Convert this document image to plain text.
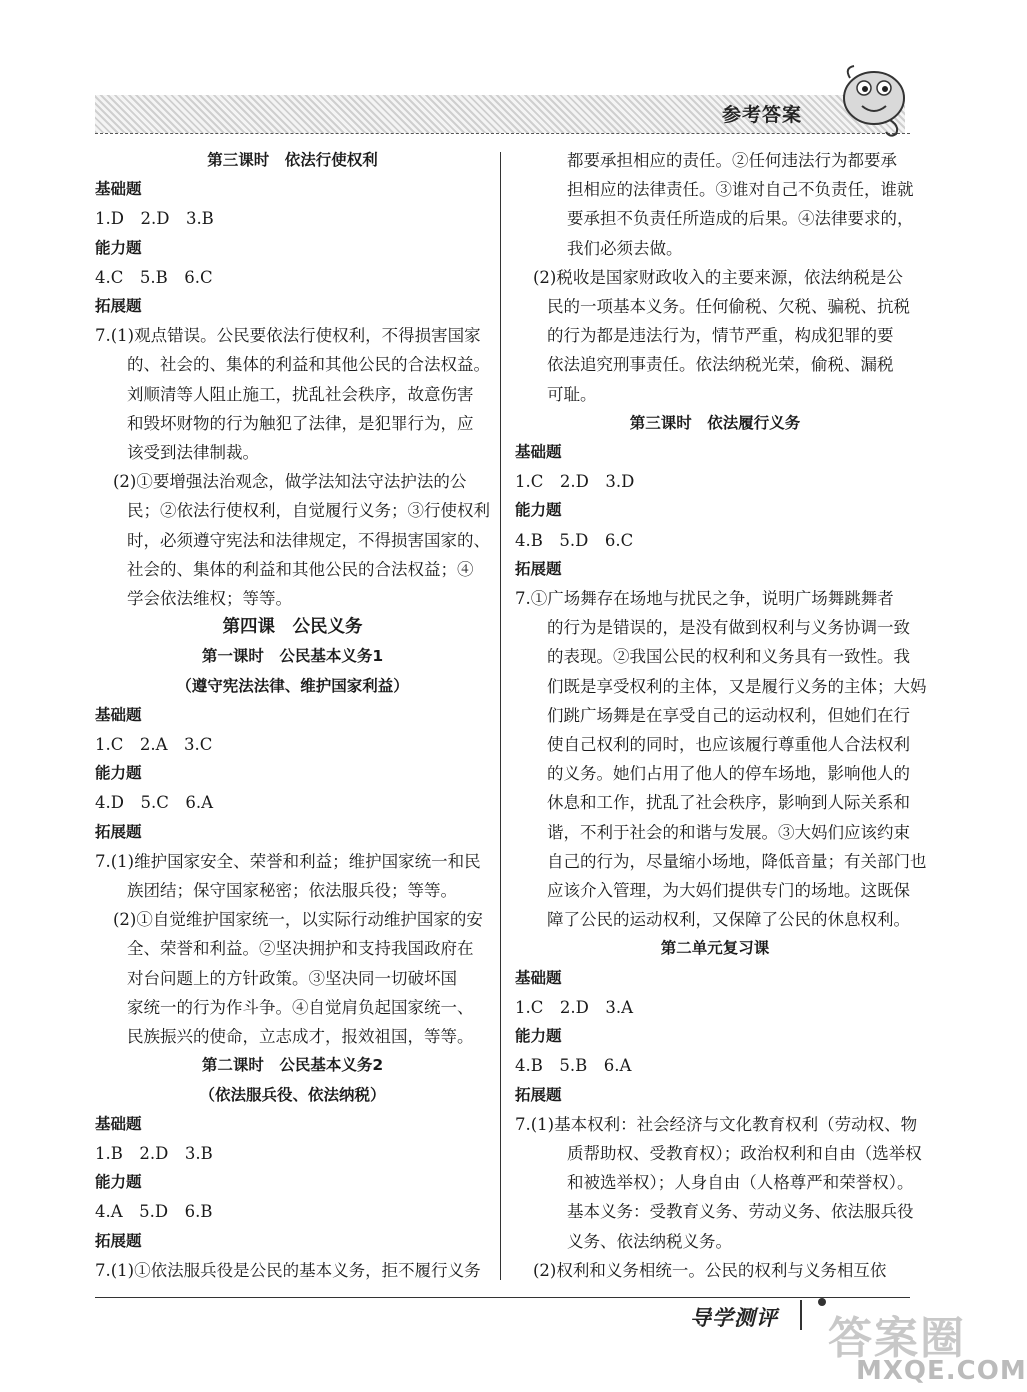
参考答案
第三课时　依法行使权利
基础题
1.D　2.D　3.B
能力题
4.C　5.B　6.C
拓展题
7.(1)观点错误。公民要依法行使权利，不得损害国家
的、社会的、集体的利益和其他公民的合法权益。
刘顺清等人阻止施工，扰乱社会秩序，故意伤害
和毁坏财物的行为触犯了法律，是犯罪行为，应
该受到法律制裁。
(2)①要增强法治观念，做学法知法守法护法的公
民；②依法行使权利，自觉履行义务；③行使权利
时，必须遵守宪法和法律规定，不得损害国家的、
社会的、集体的利益和其他公民的合法权益；④
学会依法维权；等等。
第四课　公民义务
第一课时　公民基本义务1
（遵守宪法法律、维护国家利益）
基础题
1.C　2.A　3.C
能力题
4.D　5.C　6.A
拓展题
7.(1)维护国家安全、荣誉和利益；维护国家统一和民
族团结；保守国家秘密；依法服兵役；等等。
(2)①自觉维护国家统一，以实际行动维护国家的安
全、荣誉和利益。②坚决拥护和支持我国政府在
对台问题上的方针政策。③坚决同一切破坏国
家统一的行为作斗争。④自觉肩负起国家统一、
民族振兴的使命，立志成才，报效祖国，等等。
第二课时　公民基本义务2
（依法服兵役、依法纳税）
基础题
1.B　2.D　3.B
能力题
4.A　5.D　6.B
拓展题
7.(1)①依法服兵役是公民的基本义务，拒不履行义务
都要承担相应的责任。②任何违法行为都要承
担相应的法律责任。③谁对自己不负责任，谁就
要承担不负责任所造成的后果。④法律要求的，
我们必须去做。
(2)税收是国家财政收入的主要来源，依法纳税是公
民的一项基本义务。任何偷税、欠税、骗税、抗税
的行为都是违法行为，情节严重，构成犯罪的要
依法追究刑事责任。依法纳税光荣，偷税、漏税
可耻。
第三课时　依法履行义务
基础题
1.C　2.D　3.D
能力题
4.B　5.D　6.C
拓展题
7.①广场舞存在场地与扰民之争，说明广场舞跳舞者
的行为是错误的，是没有做到权利与义务协调一致
的表现。②我国公民的权利和义务具有一致性。我
们既是享受权利的主体，又是履行义务的主体；大妈
们跳广场舞是在享受自己的运动权利，但她们在行
使自己权利的同时，也应该履行尊重他人合法权利
的义务。她们占用了他人的停车场地，影响他人的
休息和工作，扰乱了社会秩序，影响到人际关系和
谐，不利于社会的和谐与发展。③大妈们应该约束
自己的行为，尽量缩小场地，降低音量；有关部门也
应该介入管理，为大妈们提供专门的场地。这既保
障了公民的运动权利，又保障了公民的休息权利。
第二单元复习课
基础题
1.C　2.D　3.A
能力题
4.B　5.B　6.A
拓展题
7.(1)基本权利：社会经济与文化教育权利（劳动权、物
质帮助权、受教育权）；政治权利和自由（选举权
和被选举权）；人身自由（人格尊严和荣誉权）。
基本义务：受教育义务、劳动义务、依法服兵役
义务、依法纳税义务。
(2)权利和义务相统一。公民的权利与义务相互依
导学测评 答案圈
MXQE.COM
